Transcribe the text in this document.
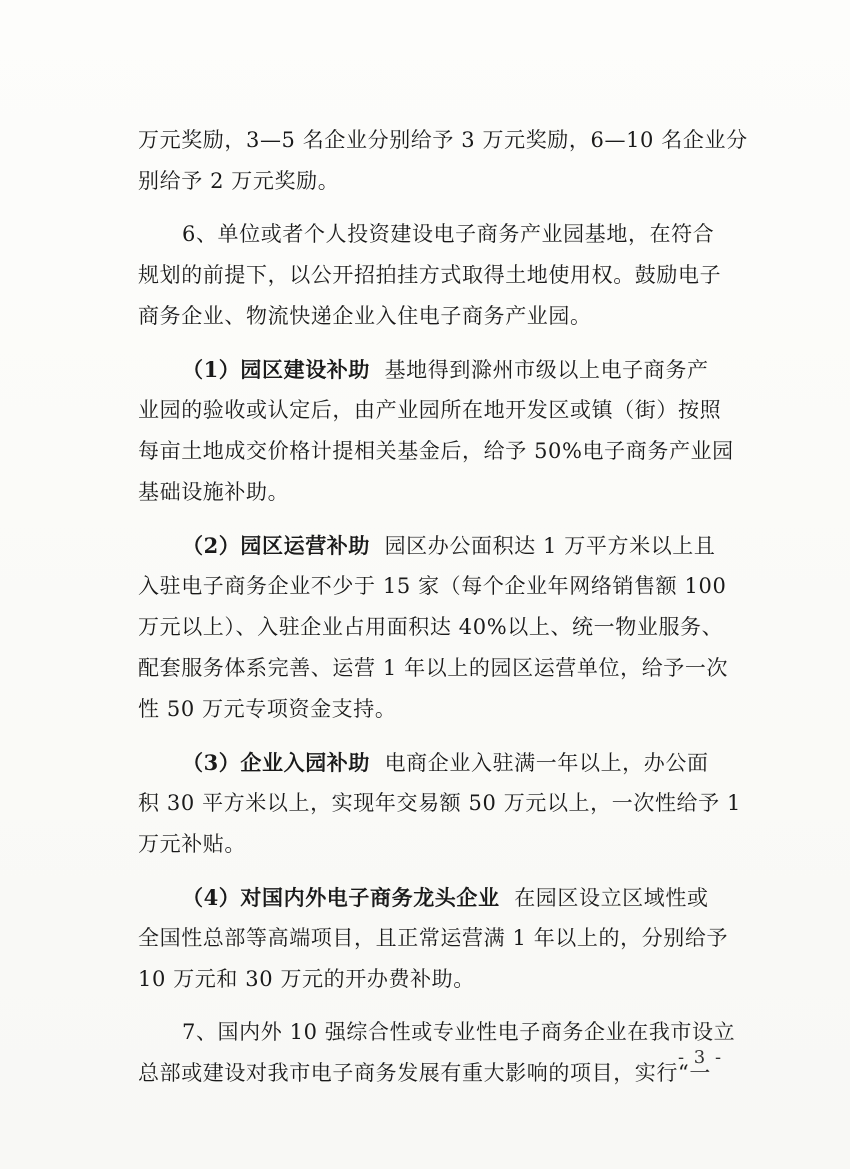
万元奖励，3—5 名企业分别给予 3 万元奖励，6—10 名企业分
别给予 2 万元奖励。
6、单位或者个人投资建设电子商务产业园基地，在符合
规划的前提下，以公开招拍挂方式取得土地使用权。鼓励电子
商务企业、物流快递企业入住电子商务产业园。
（1）园区建设补助 基地得到滁州市级以上电子商务产
业园的验收或认定后，由产业园所在地开发区或镇（街）按照
每亩土地成交价格计提相关基金后，给予 50%电子商务产业园
基础设施补助。
（2）园区运营补助 园区办公面积达 1 万平方米以上且
入驻电子商务企业不少于 15 家（每个企业年网络销售额 100
万元以上）、入驻企业占用面积达 40%以上、统一物业服务、
配套服务体系完善、运营 1 年以上的园区运营单位，给予一次
性 50 万元专项资金支持。
（3）企业入园补助 电商企业入驻满一年以上，办公面
积 30 平方米以上，实现年交易额 50 万元以上，一次性给予 1
万元补贴。
（4）对国内外电子商务龙头企业 在园区设立区域性或
全国性总部等高端项目，且正常运营满 1 年以上的，分别给予
10 万元和 30 万元的开办费补助。
7、国内外 10 强综合性或专业性电子商务企业在我市设立
总部或建设对我市电子商务发展有重大影响的项目，实行“一
- 3 -
